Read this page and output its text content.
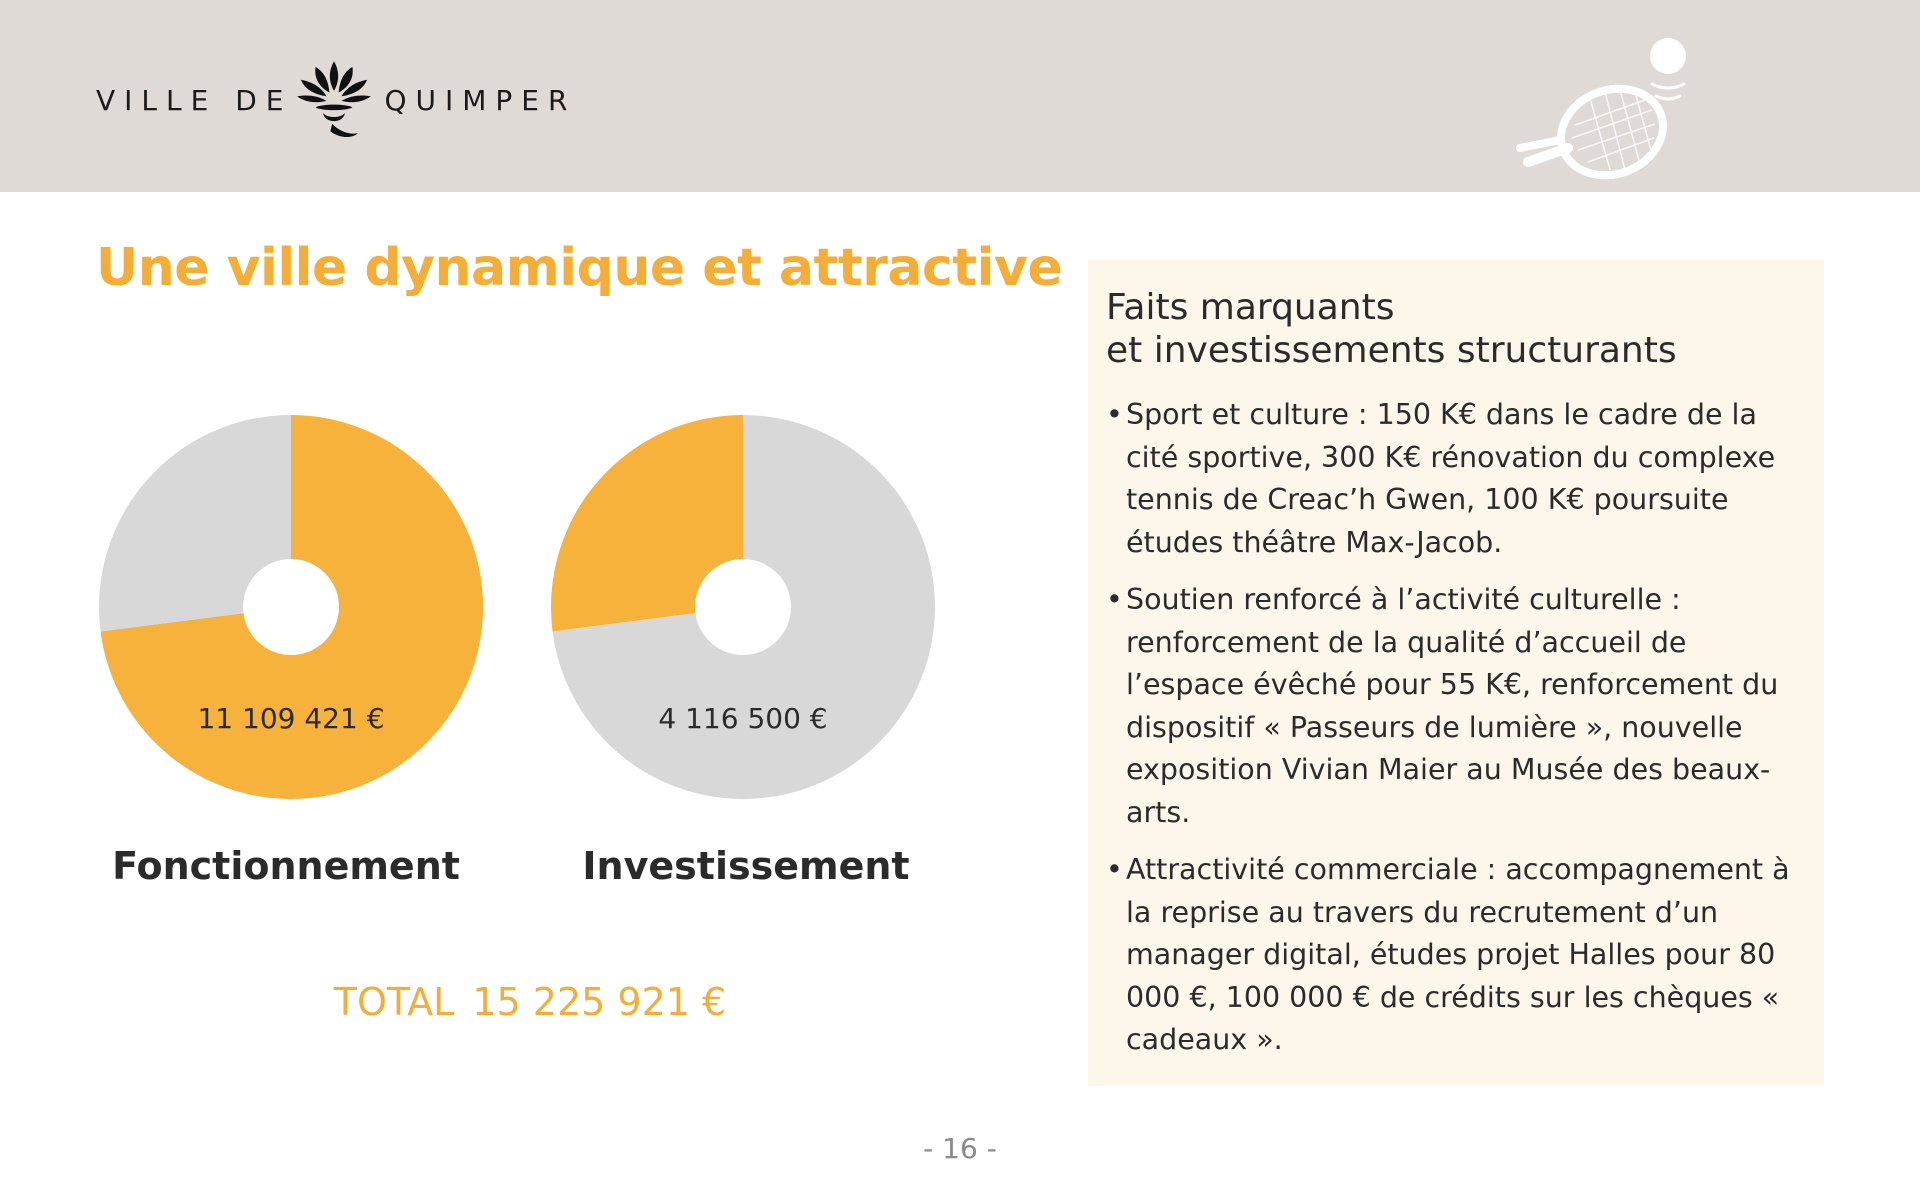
VILLE DE	QUIMPER
Une ville dynamique et attractive
11 109 421 €
Fonctionnement
4 116 500 €
Investissement
TOTAL 15 225 921 €
Faits marquants
et investissements structurants
• Sport et culture : 150 K€ dans le cadre de la cité sportive, 300 K€ rénovation du complexe tennis de Creac’h Gwen, 100 K€ poursuite études théâtre Max-Jacob.
• Soutien renforcé à l’activité culturelle : renforcement de la qualité d’accueil de l’espace évêché pour 55 K€, renforcement du dispositif « Passeurs de lumière », nouvelle exposition Vivian Maier au Musée des beaux-arts.
• Attractivité commerciale : accompagnement à la reprise au travers du recrutement d’un manager digital, études projet Halles pour 80 000 €, 100 000 € de crédits sur les chèques « cadeaux ».
- 16 -
